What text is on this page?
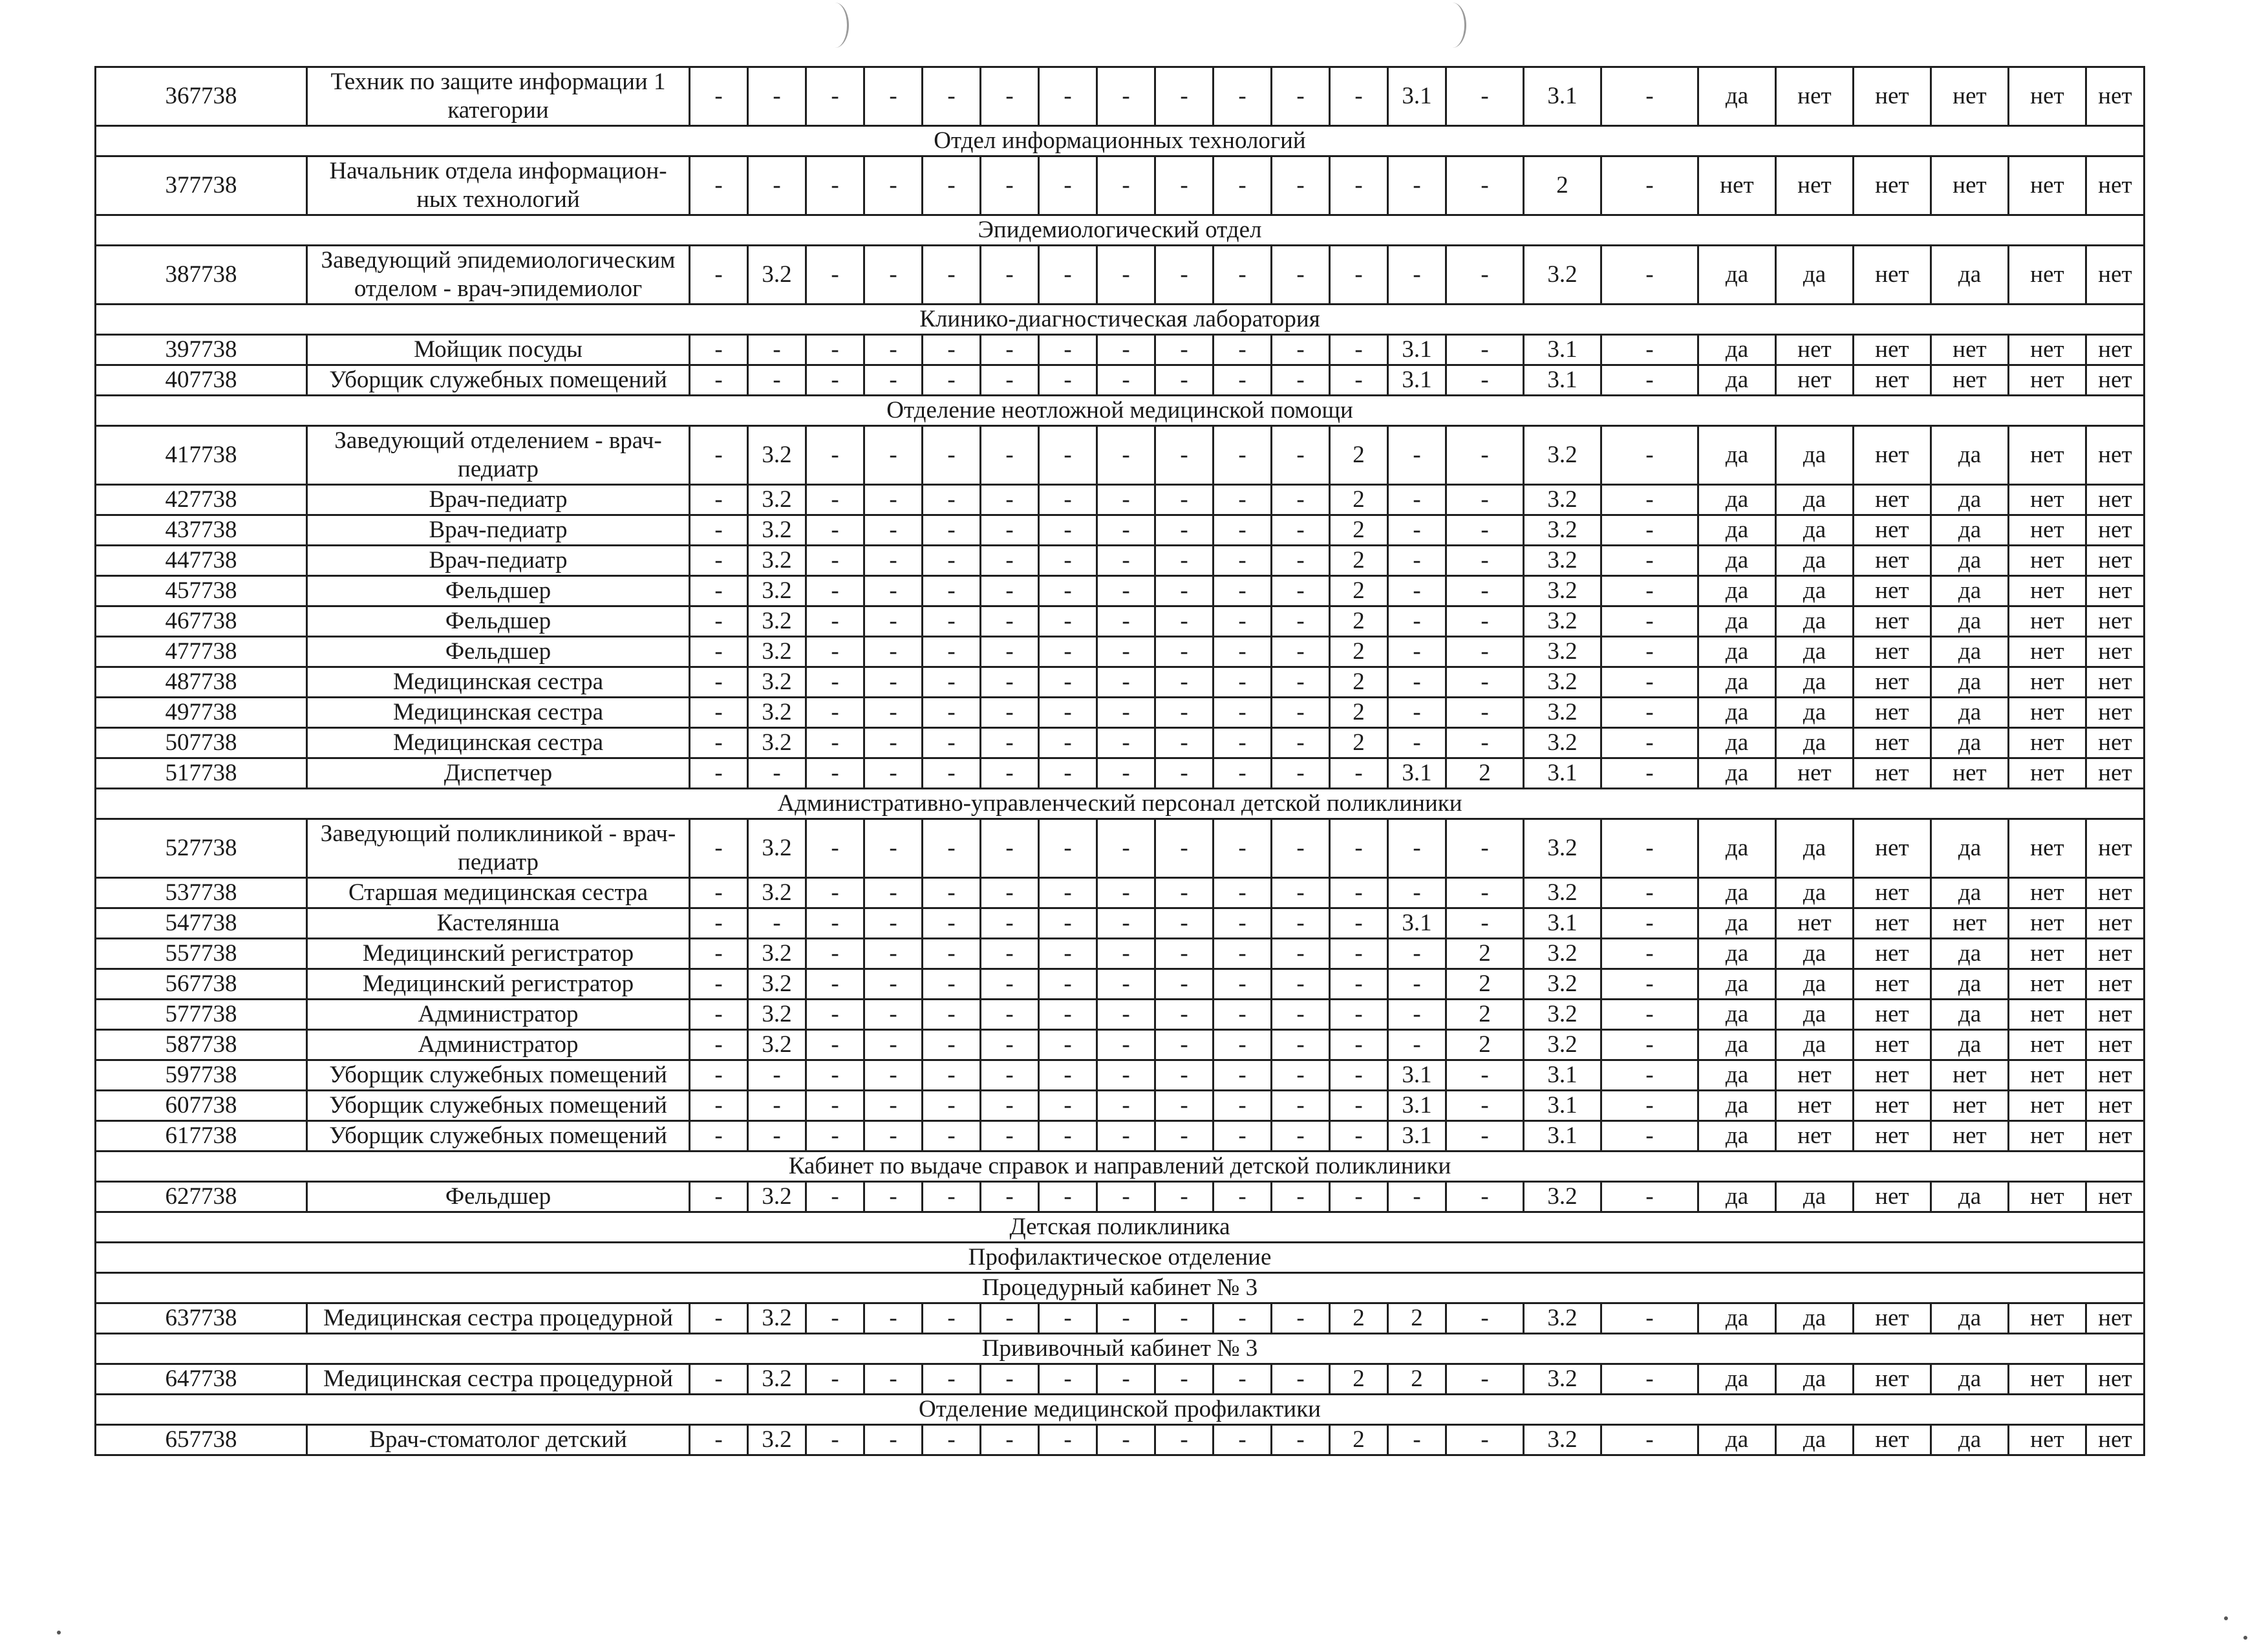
367738	Техник по защите информации 1 категории	-	-	-	-	-	-	-	-	-	-	-	-	3.1	-	3.1	-	да	нет	нет	нет	нет	нет
Отдел информационных технологий																							
377738	Начальник отдела информацион-ных технологий	-	-	-	-	-	-	-	-	-	-	-	-	-	-	2	-	нет	нет	нет	нет	нет	нет
Эпидемиологический отдел																							
387738	Заведующий эпидемиологическим отделом - врач-эпидемиолог	-	3.2	-	-	-	-	-	-	-	-	-	-	-	-	3.2	-	да	да	нет	да	нет	нет
Клинико-диагностическая лаборатория																							
397738	Мойщик посуды	-	-	-	-	-	-	-	-	-	-	-	-	3.1	-	3.1	-	да	нет	нет	нет	нет	нет
407738	Уборщик служебных помещений	-	-	-	-	-	-	-	-	-	-	-	-	3.1	-	3.1	-	да	нет	нет	нет	нет	нет
Отделение неотложной медицинской помощи																							
417738	Заведующий отделением - врач-педиатр	-	3.2	-	-	-	-	-	-	-	-	-	2	-	-	3.2	-	да	да	нет	да	нет	нет
427738	Врач-педиатр	-	3.2	-	-	-	-	-	-	-	-	-	2	-	-	3.2	-	да	да	нет	да	нет	нет
437738	Врач-педиатр	-	3.2	-	-	-	-	-	-	-	-	-	2	-	-	3.2	-	да	да	нет	да	нет	нет
447738	Врач-педиатр	-	3.2	-	-	-	-	-	-	-	-	-	2	-	-	3.2	-	да	да	нет	да	нет	нет
457738	Фельдшер	-	3.2	-	-	-	-	-	-	-	-	-	2	-	-	3.2	-	да	да	нет	да	нет	нет
467738	Фельдшер	-	3.2	-	-	-	-	-	-	-	-	-	2	-	-	3.2	-	да	да	нет	да	нет	нет
477738	Фельдшер	-	3.2	-	-	-	-	-	-	-	-	-	2	-	-	3.2	-	да	да	нет	да	нет	нет
487738	Медицинская сестра	-	3.2	-	-	-	-	-	-	-	-	-	2	-	-	3.2	-	да	да	нет	да	нет	нет
497738	Медицинская сестра	-	3.2	-	-	-	-	-	-	-	-	-	2	-	-	3.2	-	да	да	нет	да	нет	нет
507738	Медицинская сестра	-	3.2	-	-	-	-	-	-	-	-	-	2	-	-	3.2	-	да	да	нет	да	нет	нет
517738	Диспетчер	-	-	-	-	-	-	-	-	-	-	-	-	3.1	2	3.1	-	да	нет	нет	нет	нет	нет
Административно-управленческий персонал детской поликлиники																							
527738	Заведующий поликлиникой - врач-педиатр	-	3.2	-	-	-	-	-	-	-	-	-	-	-	-	3.2	-	да	да	нет	да	нет	нет
537738	Старшая медицинская сестра	-	3.2	-	-	-	-	-	-	-	-	-	-	-	-	3.2	-	да	да	нет	да	нет	нет
547738	Кастелянша	-	-	-	-	-	-	-	-	-	-	-	-	3.1	-	3.1	-	да	нет	нет	нет	нет	нет
557738	Медицинский регистратор	-	3.2	-	-	-	-	-	-	-	-	-	-	-	2	3.2	-	да	да	нет	да	нет	нет
567738	Медицинский регистратор	-	3.2	-	-	-	-	-	-	-	-	-	-	-	2	3.2	-	да	да	нет	да	нет	нет
577738	Администратор	-	3.2	-	-	-	-	-	-	-	-	-	-	-	2	3.2	-	да	да	нет	да	нет	нет
587738	Администратор	-	3.2	-	-	-	-	-	-	-	-	-	-	-	2	3.2	-	да	да	нет	да	нет	нет
597738	Уборщик служебных помещений	-	-	-	-	-	-	-	-	-	-	-	-	3.1	-	3.1	-	да	нет	нет	нет	нет	нет
607738	Уборщик служебных помещений	-	-	-	-	-	-	-	-	-	-	-	-	3.1	-	3.1	-	да	нет	нет	нет	нет	нет
617738	Уборщик служебных помещений	-	-	-	-	-	-	-	-	-	-	-	-	3.1	-	3.1	-	да	нет	нет	нет	нет	нет
Кабинет по выдаче справок и направлений детской поликлиники																							
627738	Фельдшер	-	3.2	-	-	-	-	-	-	-	-	-	-	-	-	3.2	-	да	да	нет	да	нет	нет
Детская поликлиника																							
Профилактическое отделение																							
Процедурный кабинет № 3																							
637738	Медицинская сестра процедурной	-	3.2	-	-	-	-	-	-	-	-	-	2	2	-	3.2	-	да	да	нет	да	нет	нет
Прививочный кабинет № 3																							
647738	Медицинская сестра процедурной	-	3.2	-	-	-	-	-	-	-	-	-	2	2	-	3.2	-	да	да	нет	да	нет	нет
Отделение медицинской профилактики																							
657738	Врач-стоматолог детский	-	3.2	-	-	-	-	-	-	-	-	-	2	-	-	3.2	-	да	да	нет	да	нет	нет
